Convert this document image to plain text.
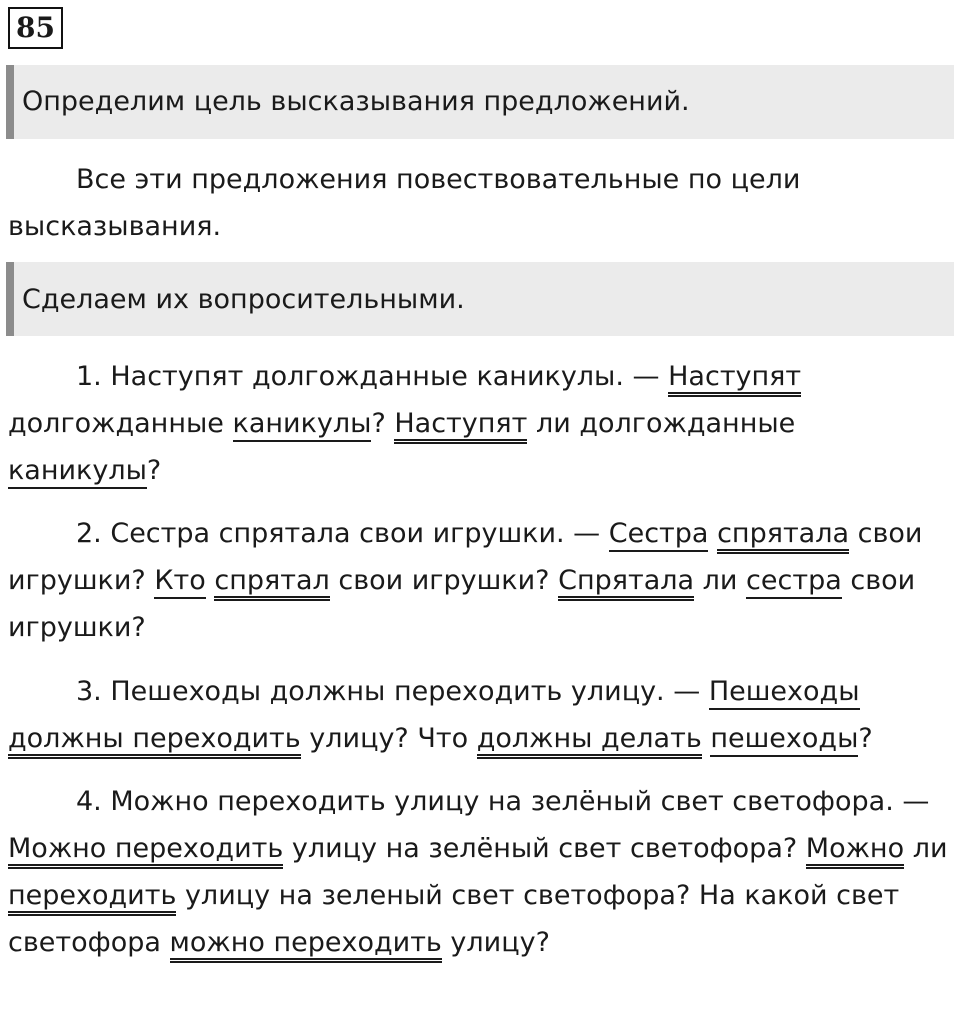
85
Определим цель высказывания предложений.

Все эти предложения повествовательные по цели высказывания.

Сделаем их вопросительными.

1. Наступят долгожданные каникулы. — Наступят долгожданные каникулы? Наступят ли долгожданные каникулы?

2. Сестра спрятала свои игрушки. — Сестра спрятала свои игрушки? Кто спрятал свои игрушки? Спрятала ли сестра свои игрушки?

3. Пешеходы должны переходить улицу. — Пешеходы должны переходить улицу? Что должны делать пешеходы?

4. Можно переходить улицу на зелёный свет светофора. — Можно переходить улицу на зелёный свет светофора? Можно ли переходить улицу на зеленый свет светофора? На какой свет светофора можно переходить улицу?
